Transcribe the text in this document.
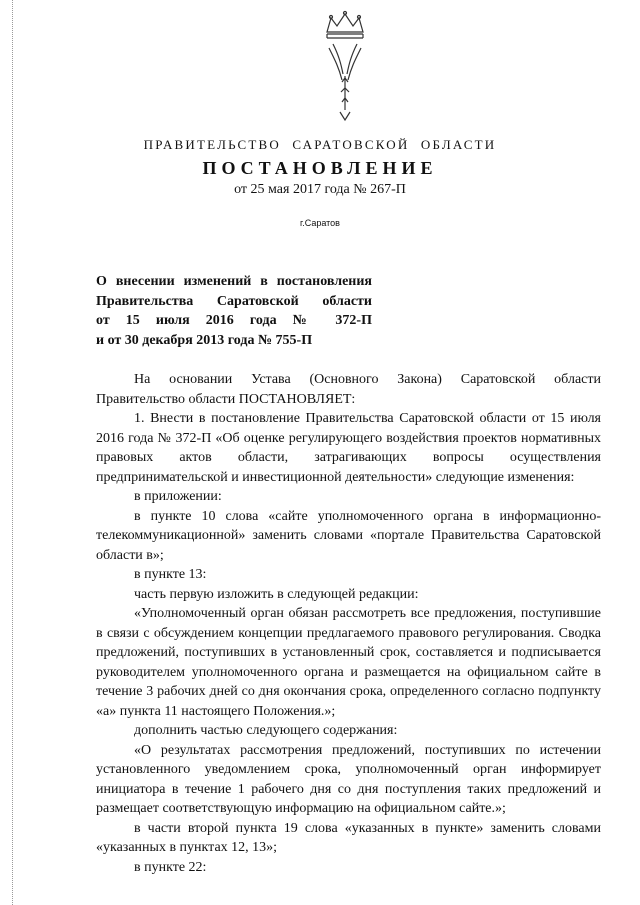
ПРАВИТЕЛЬСТВО САРАТОВСКОЙ ОБЛАСТИ
ПОСТАНОВЛЕНИЕ
от 25 мая 2017 года № 267-П
г.Саратов
О внесении изменений в постановления
Правительства Саратовской области
от 15 июля 2016 года № 372-П
и от 30 декабря 2013 года № 755-П

На основании Устава (Основного Закона) Саратовской области Правительство области ПОСТАНОВЛЯЕТ:

1. Внести в постановление Правительства Саратовской области от 15 июля 2016 года № 372-П «Об оценке регулирующего воздействия проектов нормативных правовых актов области, затрагивающих вопросы осуществления предпринимательской и инвестиционной деятельности» следующие изменения:

в приложении:

в пункте 10 слова «сайте уполномоченного органа в информационно-телекоммуникационной» заменить словами «портале Правительства Саратовской области в»;

в пункте 13:

часть первую изложить в следующей редакции:

«Уполномоченный орган обязан рассмотреть все предложения, поступившие в связи с обсуждением концепции предлагаемого правового регулирования. Сводка предложений, поступивших в установленный срок, составляется и подписывается руководителем уполномоченного органа и размещается на официальном сайте в течение 3 рабочих дней со дня окончания срока, определенного согласно подпункту «а» пункта 11 настоящего Положения.»;

дополнить частью следующего содержания:

«О результатах рассмотрения предложений, поступивших по истечении установленного уведомлением срока, уполномоченный орган информирует инициатора в течение 1 рабочего дня со дня поступления таких предложений и размещает соответствующую информацию на официальном сайте.»;

в части второй пункта 19 слова «указанных в пункте» заменить словами «указанных в пунктах 12, 13»;

в пункте 22:
